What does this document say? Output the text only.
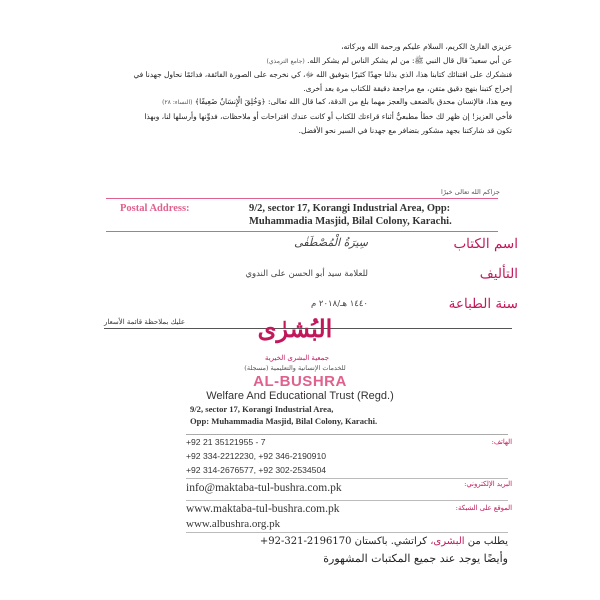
عزيزي القارئ الكريم، السلام عليكم ورحمة الله وبركاته،
عن أبي سعيد ؓ قال قال النبي ﷺ: من لم يشكر الناس لم يشكر الله. (جامع الترمذي)
فنشكرك على اقتنائك كتابنا هذا، الذي بذلنا جهدًا كثيرًا بتوفيق الله ﷻ، كي نخرجه على الصورة الفائقة، فدائمًا نحاول جهدنا في
إخراج كتبنا بنهج دقيق متقن، مع مراجعة دقيقة للكتاب مرة بعد أخرى.
ومع هذا، فالإنسان محدق بالضعف والعجز مهما بلغ من الدقة، كما قال الله تعالى: ﴿وَخُلِقَ الْإِنسَانُ ضَعِيفًا﴾ (النساء: ٢٨)
فأخي العزيز! إن ظهر لك خطأ مطبعيٌّ أثناء قراءتك للكتاب أو كانت عندك اقتراحات أو ملاحظات، فدوِّنها وأرسلها لنا، وبهذا
تكون قد شاركتنا بجهد مشكور بتضافر مع جهدنا في السير نحو الأفضل.
جزاكم الله تعالى خيرًا
Postal Address:	9/2, sector 17, Korangi Industrial Area, Opp: Muhammadia Masjid, Bilal Colony, Karachi.
اسم الكتاب
سِيرَةُ الْمُصْطَفٰى
التأليف
للعلامة سيد أبو الحسن على الندوي
سنة الطباعة
١٤٤٠ هـ/٢٠١٨ م
عليك بملاحظة قائمة الأسعار	البُشرٰى
جمعية البشرى الخيرية
للخدمات الإنسانية والتعليمية (مسجلة)
AL-BUSHRA
Welfare And Educational Trust (Regd.)
9/2, sector 17, Korangi Industrial Area,
Opp: Muhammadia Masjid, Bilal Colony, Karachi.
الهاتف:
+92 21 35121955 - 7
+92 334-2212230, +92 346-2190910
+92 314-2676577, +92 302-2534504
البريد الإلكتروني:
info@maktaba-tul-bushra.com.pk
الموقع على الشبكة:
www.maktaba-tul-bushra.com.pk
www.albushra.org.pk
يطلب من البشرى، كراتشي. باكستان 2196170-321-92+
وأيضًا يوجد عند جميع المكتبات المشهورة
